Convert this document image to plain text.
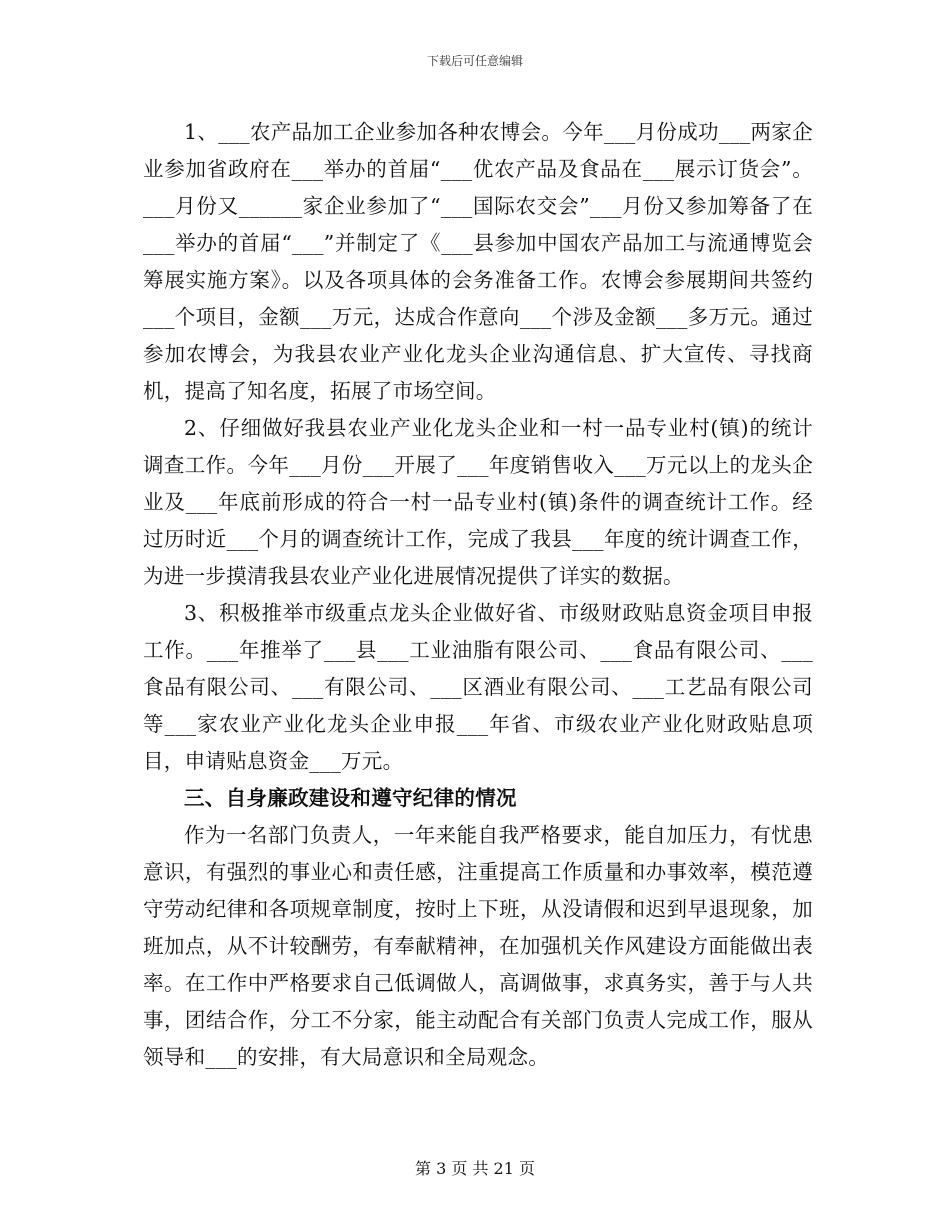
下载后可任意编辑

1、___农产品加工企业参加各种农博会。今年___月份成功___两家企业参加省政府在___举办的首届“___优农产品及食品在___展示订货会”。___月份又______家企业参加了“___国际农交会”___月份又参加筹备了在___举办的首届“___”并制定了《___县参加中国农产品加工与流通博览会筹展实施方案》。以及各项具体的会务准备工作。农博会参展期间共签约___个项目，金额___万元，达成合作意向___个涉及金额___多万元。通过参加农博会，为我县农业产业化龙头企业沟通信息、扩大宣传、寻找商机，提高了知名度，拓展了市场空间。

2、仔细做好我县农业产业化龙头企业和一村一品专业村(镇)的统计调查工作。今年___月份___开展了___年度销售收入___万元以上的龙头企业及___年底前形成的符合一村一品专业村(镇)条件的调查统计工作。经过历时近___个月的调查统计工作，完成了我县___年度的统计调查工作，为进一步摸清我县农业产业化进展情况提供了详实的数据。

3、积极推举市级重点龙头企业做好省、市级财政贴息资金项目申报工作。___年推举了___县___工业油脂有限公司、___食品有限公司、___食品有限公司、___有限公司、___区酒业有限公司、___工艺品有限公司等___家农业产业化龙头企业申报___年省、市级农业产业化财政贴息项目，申请贴息资金___万元。

三、自身廉政建设和遵守纪律的情况

作为一名部门负责人，一年来能自我严格要求，能自加压力，有忧患意识，有强烈的事业心和责任感，注重提高工作质量和办事效率，模范遵守劳动纪律和各项规章制度，按时上下班，从没请假和迟到早退现象，加班加点，从不计较酬劳，有奉献精神，在加强机关作风建设方面能做出表率。在工作中严格要求自己低调做人，高调做事，求真务实，善于与人共事，团结合作，分工不分家，能主动配合有关部门负责人完成工作，服从领导和___的安排，有大局意识和全局观念。

第 3 页 共 21 页
